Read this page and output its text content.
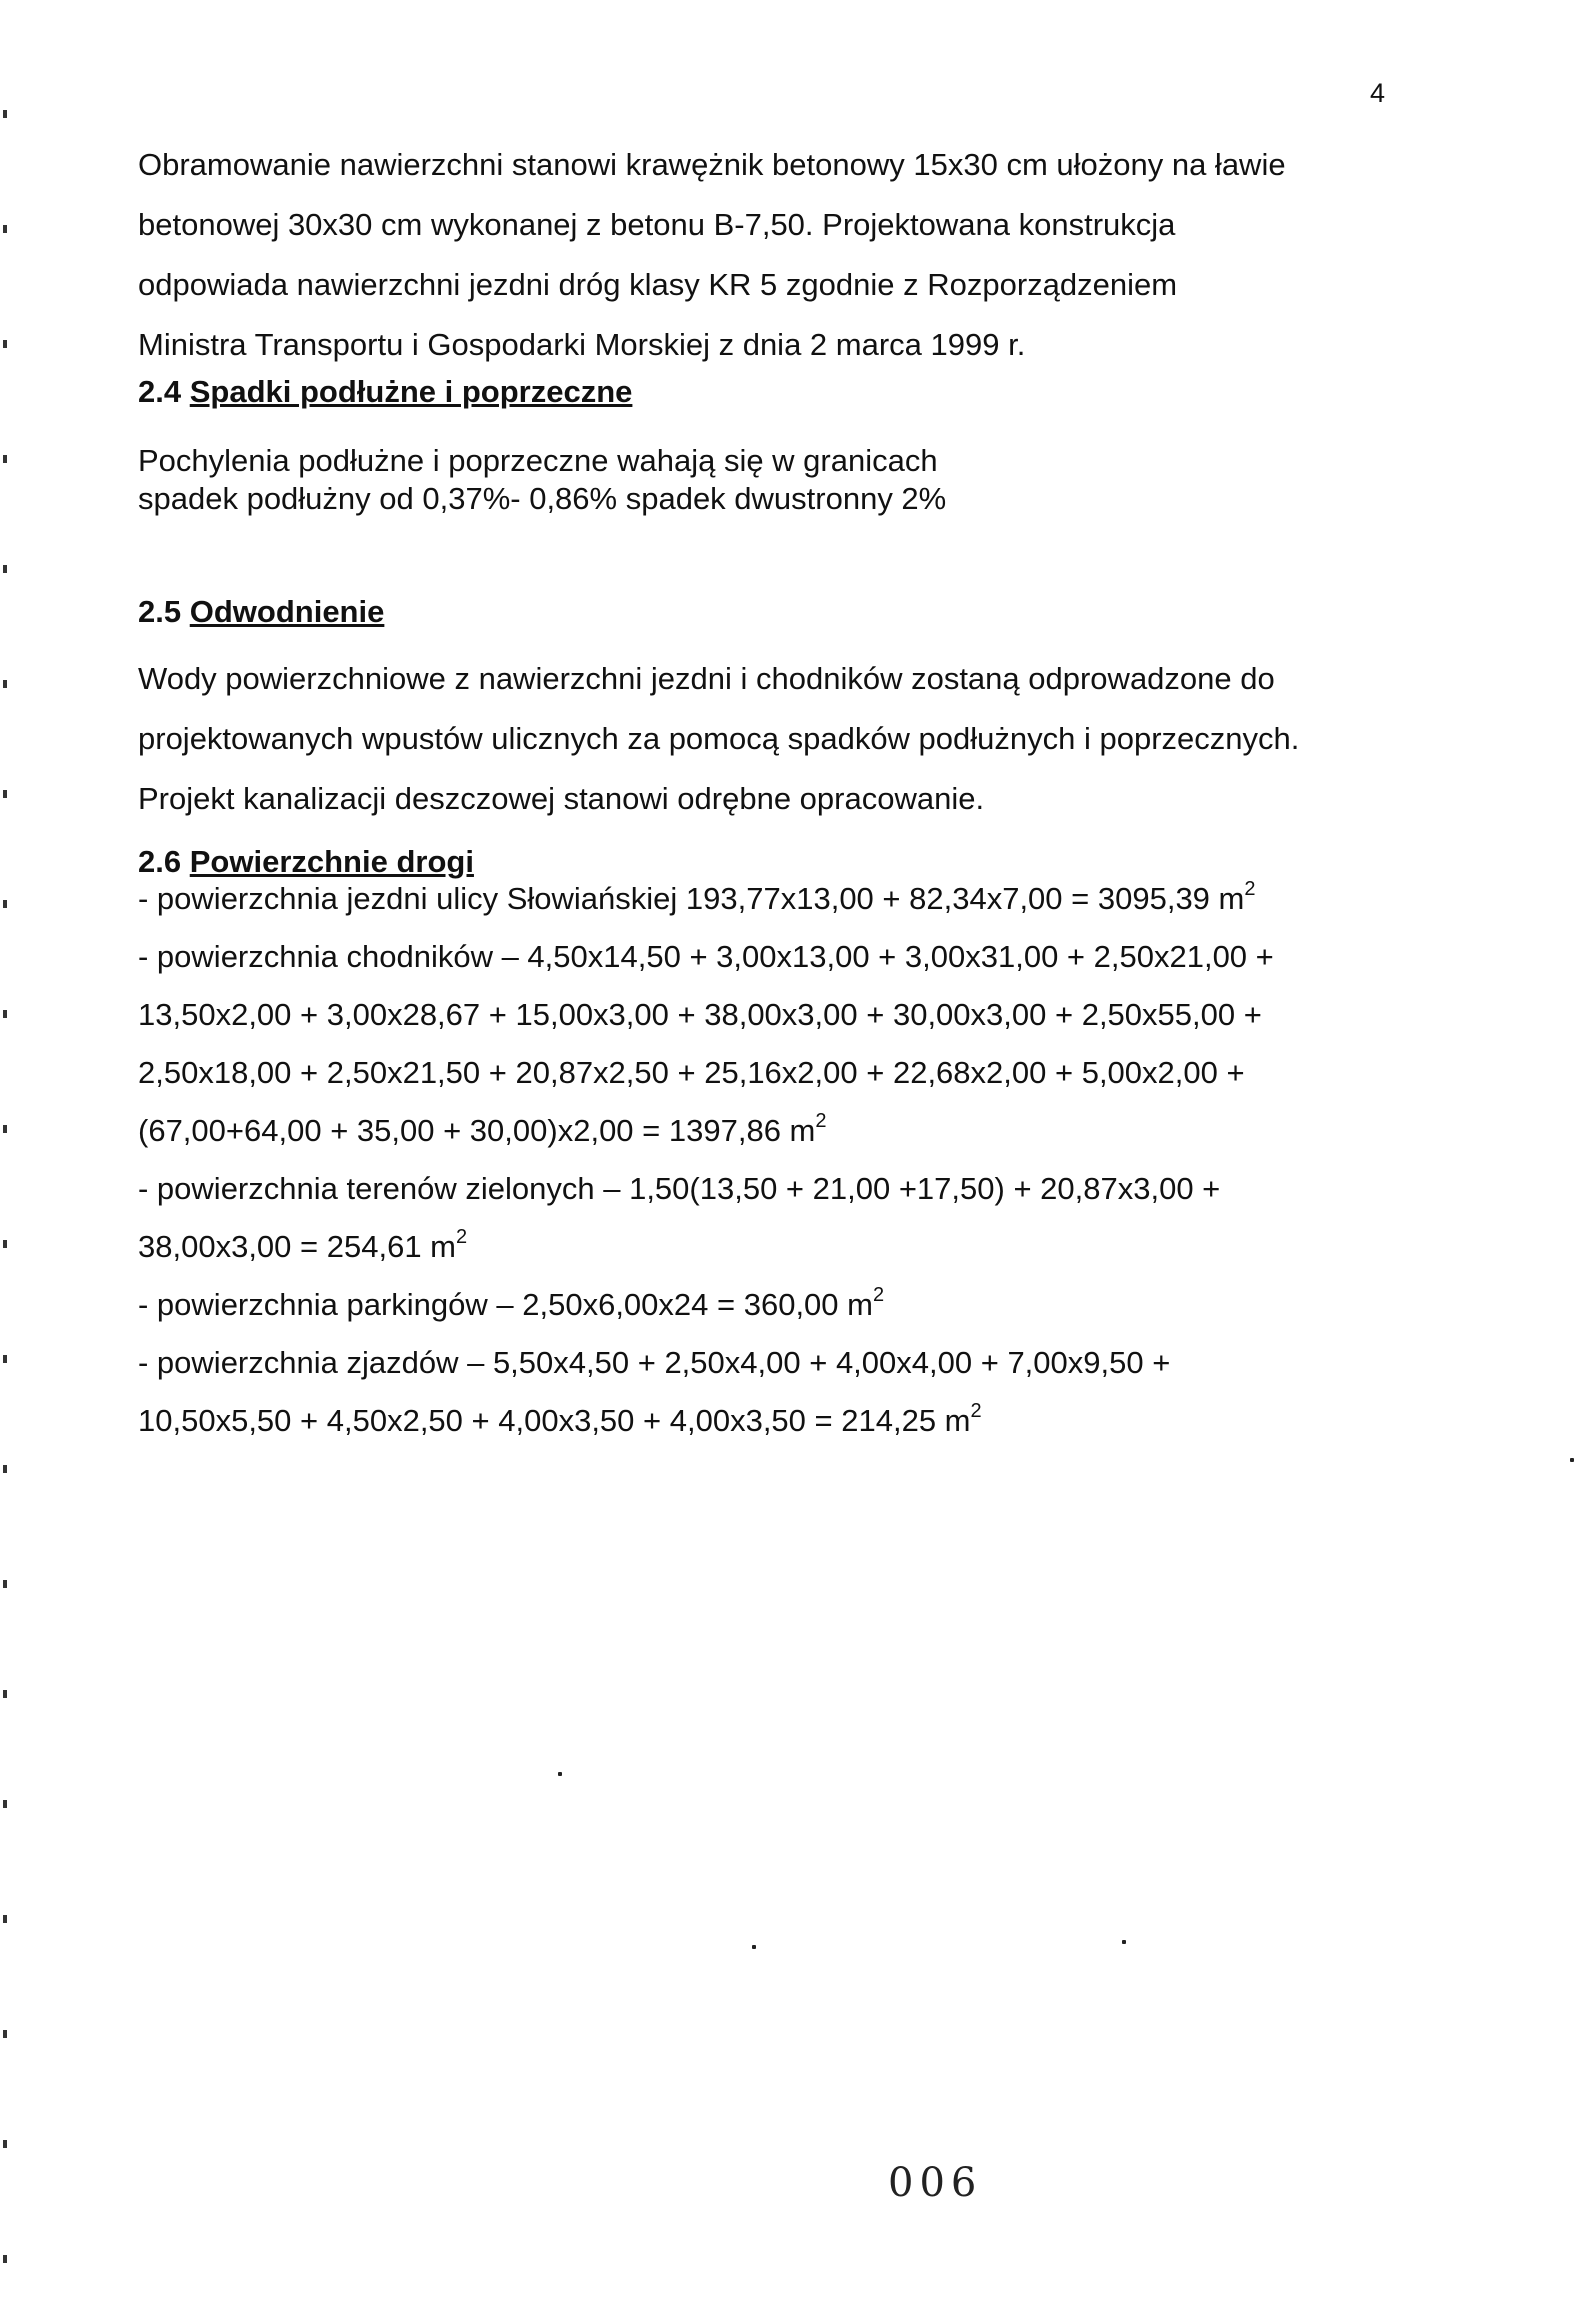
4
Obramowanie nawierzchni stanowi krawężnik betonowy 15x30 cm ułożony na ławie
betonowej 30x30 cm wykonanej z betonu B-7,50. Projektowana konstrukcja
odpowiada nawierzchni jezdni dróg klasy KR 5 zgodnie z Rozporządzeniem
Ministra Transportu i Gospodarki Morskiej z dnia 2 marca 1999 r.
2.4 Spadki podłużne i poprzeczne
Pochylenia podłużne i poprzeczne wahają się w granicach
spadek podłużny od 0,37%- 0,86% spadek dwustronny 2%
2.5 Odwodnienie
Wody powierzchniowe z nawierzchni jezdni i chodników zostaną odprowadzone do
projektowanych wpustów ulicznych za pomocą spadków podłużnych i poprzecznych.
Projekt kanalizacji deszczowej stanowi odrębne opracowanie.
2.6 Powierzchnie drogi
- powierzchnia jezdni ulicy Słowiańskiej 193,77x13,00 + 82,34x7,00 = 3095,39 $m^2$
- powierzchnia chodników – 4,50x14,50 + 3,00x13,00 + 3,00x31,00 + 2,50x21,00 +
13,50x2,00 + 3,00x28,67 + 15,00x3,00 + 38,00x3,00 + 30,00x3,00 + 2,50x55,00 +
2,50x18,00 + 2,50x21,50 + 20,87x2,50 + 25,16x2,00 + 22,68x2,00 + 5,00x2,00 +
(67,00+64,00 + 35,00 + 30,00)x2,00 = 1397,86 $m^2$
- powierzchnia terenów zielonych – 1,50(13,50 + 21,00 +17,50) + 20,87x3,00 +
38,00x3,00 = 254,61 $m^2$
- powierzchnia parkingów – 2,50x6,00x24 = 360,00 $m^2$
- powierzchnia zjazdów – 5,50x4,50 + 2,50x4,00 + 4,00x4,00 + 7,00x9,50 +
10,50x5,50 + 4,50x2,50 + 4,00x3,50 + 4,00x3,50 = 214,25 $m^2$
006
